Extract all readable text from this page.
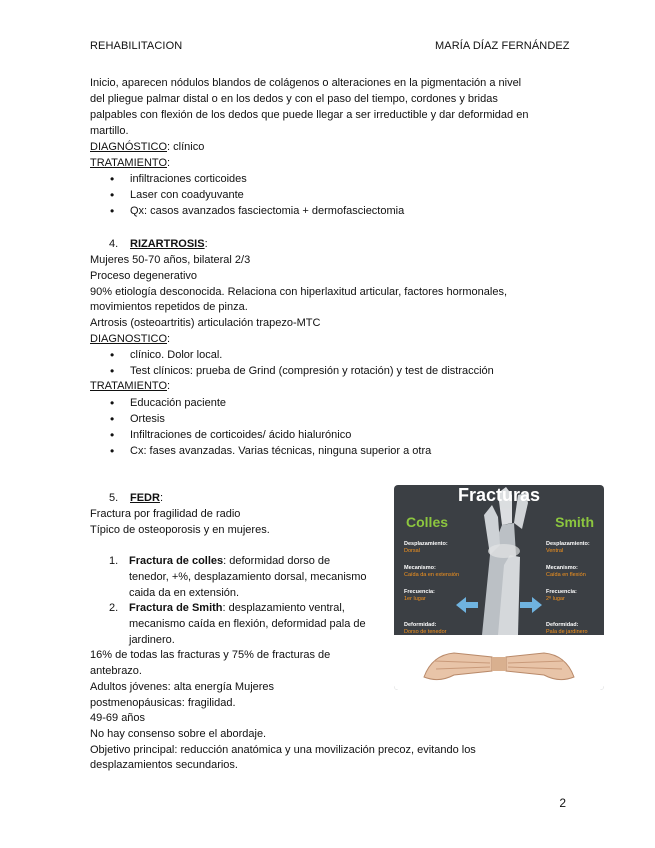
REHABILITACION	MARÍA DÍAZ FERNÁNDEZ
Inicio, aparecen nódulos blandos de colágenos o alteraciones en la pigmentación a nivel
del pliegue palmar distal o en los dedos y con el paso del tiempo, cordones y bridas
palpables con flexión de los dedos que puede llegar a ser irreductible y dar deformidad en
martillo.
DIAGNÓSTICO: clínico
TRATAMIENTO:
• infiltraciones corticoides
• Laser con coadyuvante
• Qx: casos avanzados fasciectomia + dermofasciectomia
4. RIZARTROSIS:
Mujeres 50-70 años, bilateral 2/3
Proceso degenerativo
90% etiología desconocida. Relaciona con hiperlaxitud articular, factores hormonales,
movimientos repetidos de pinza.
Artrosis (osteoartritis) articulación trapezo-MTC
DIAGNOSTICO:
• clínico. Dolor local.
• Test clínicos: prueba de Grind (compresión y rotación) y test de distracción
TRATAMIENTO:
• Educación paciente
• Ortesis
• Infiltraciones de corticoides/ ácido hialurónico
• Cx: fases avanzadas. Varias técnicas, ninguna superior a otra
5. FEDR:
Fractura por fragilidad de radio
Típico de osteoporosis y en mujeres.
1. Fractura de colles: deformidad dorso de
tenedor, +%, desplazamiento dorsal, mecanismo
caida da en extensión.
2. Fractura de Smith: desplazamiento ventral,
mecanismo caída en flexión, deformidad pala de
jardinero.
16% de todas las fracturas y 75% de fracturas de
antebrazo.
Adultos jóvenes: alta energía Mujeres
postmenopáusicas: fragilidad.
49-69 años
No hay consenso sobre el abordaje.
Objetivo principal: reducción anatómica y una movilización precoz, evitando los
desplazamientos secundarios.
Fracturas
Colles	Smith
Desplazamiento:
Dorsal
Mecanismo:
Caída da en extensión
Frecuencia:
1er lugar
Deformidad:
Dorso de tenedor
Desplazamiento:
Ventral
Mecanismo:
Caída en flexión
Frecuencia:
2º lugar
Deformidad:
Pala de jardinero
2
